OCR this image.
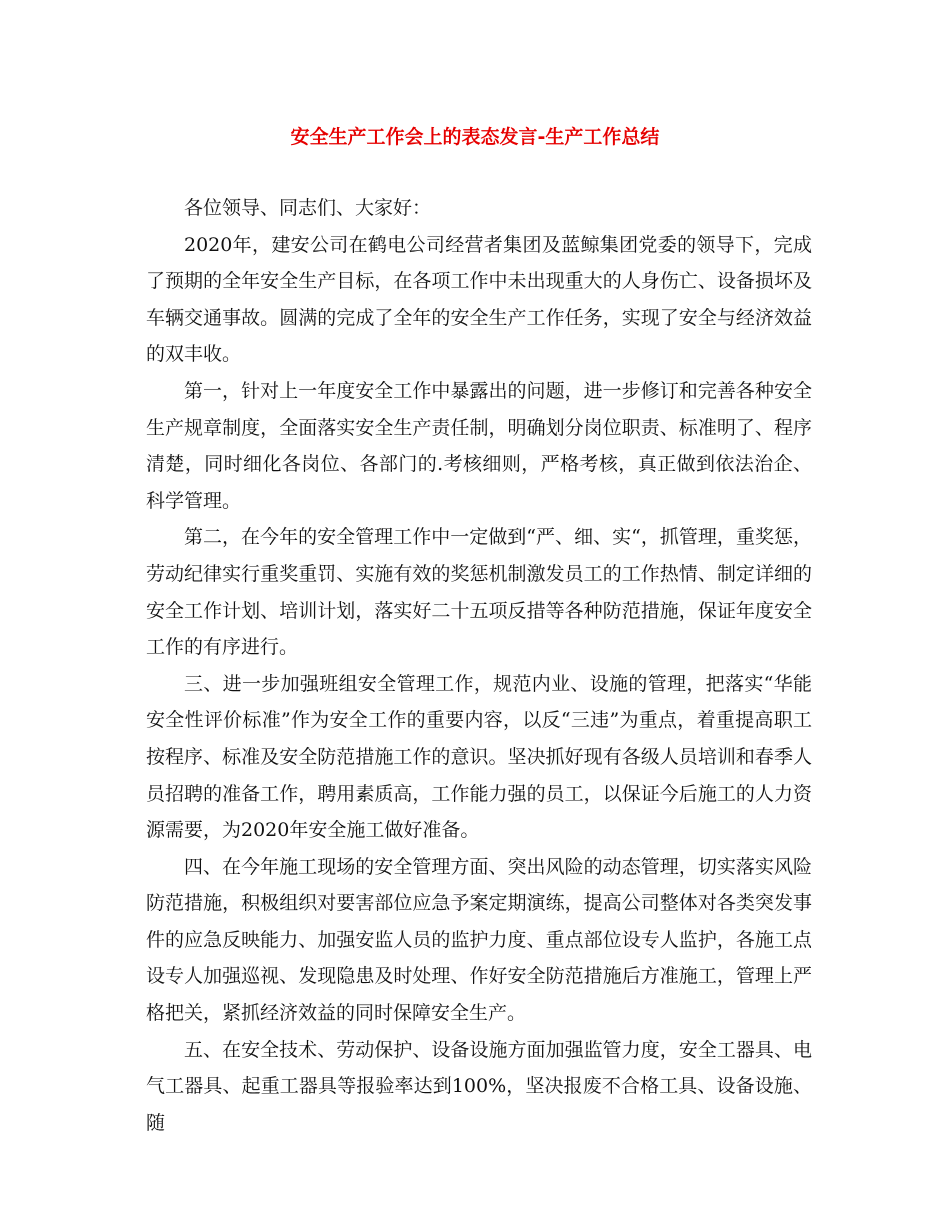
安全生产工作会上的表态发言-生产工作总结

各位领导、同志们、大家好：

2020年，建安公司在鹤电公司经营者集团及蓝鲸集团党委的领导下，完成了预期的全年安全生产目标，在各项工作中未出现重大的人身伤亡、设备损坏及车辆交通事故。圆满的完成了全年的安全生产工作任务，实现了安全与经济效益的双丰收。

第一，针对上一年度安全工作中暴露出的问题，进一步修订和完善各种安全生产规章制度，全面落实安全生产责任制，明确划分岗位职责、标准明了、程序清楚，同时细化各岗位、各部门的.考核细则，严格考核，真正做到依法治企、科学管理。

第二，在今年的安全管理工作中一定做到“严、细、实“，抓管理，重奖惩，劳动纪律实行重奖重罚、实施有效的奖惩机制激发员工的工作热情、制定详细的安全工作计划、培训计划，落实好二十五项反措等各种防范措施，保证年度安全工作的有序进行。

三、进一步加强班组安全管理工作，规范内业、设施的管理，把落实“华能安全性评价标准”作为安全工作的重要内容，以反“三违”为重点，着重提高职工按程序、标准及安全防范措施工作的意识。坚决抓好现有各级人员培训和春季人员招聘的准备工作，聘用素质高，工作能力强的员工，以保证今后施工的人力资源需要，为2020年安全施工做好准备。

四、在今年施工现场的安全管理方面、突出风险的动态管理，切实落实风险防范措施，积极组织对要害部位应急予案定期演练，提高公司整体对各类突发事件的应急反映能力、加强安监人员的监护力度、重点部位设专人监护，各施工点设专人加强巡视、发现隐患及时处理、作好安全防范措施后方准施工，管理上严格把关，紧抓经济效益的同时保障安全生产。

五、在安全技术、劳动保护、设备设施方面加强监管力度，安全工器具、电气工器具、起重工器具等报验率达到100%，坚决报废不合格工具、设备设施、随
